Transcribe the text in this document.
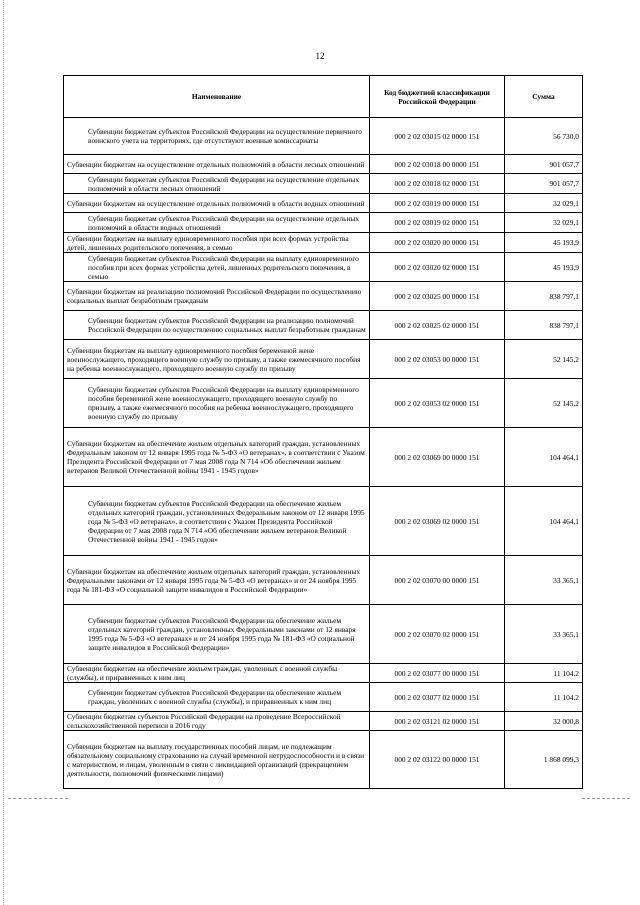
12
Наименование	Код бюджетной классификации Российской Федерации	Сумма
Субвенции бюджетам субъектов Российской Федерации на осуществление первичного воинского учета на территориях, где отсутствуют военные комиссариаты	000 2 02 03015 02 0000 151	56 730,0
Субвенции бюджетам на осуществление отдельных полномочий в области лесных отношений	000 2 02 03018 00 0000 151	901 057,7
Субвенции бюджетам субъектов Российской Федерации на осуществление отдельных полномочий в области лесных отношений	000 2 02 03018 02 0000 151	901 057,7
Субвенции бюджетам на осуществление отдельных полномочий в области водных отношений	000 2 02 03019 00 0000 151	32 029,1
Субвенции бюджетам субъектов Российской Федерации на осуществление отдельных полномочий в области водных отношений	000 2 02 03019 02 0000 151	32 029,1
Субвенции бюджетам на выплату единовременного пособия при всех формах устройства детей, лишенных родительского попечения, в семью	000 2 02 03020 00 0000 151	45 193,9
Субвенции бюджетам субъектов Российской Федерации на выплату единовременного пособия при всех формах устройства детей, лишенных родительского попечения, в семью	000 2 02 03020 02 0000 151	45 193,9
Субвенции бюджетам на реализацию полномочий Российской Федерации по осуществлению социальных выплат безработным гражданам	000 2 02 03025 00 0000 151	838 797,1
Субвенции бюджетам субъектов Российской Федерации на реализацию полномочий Российской Федерации по осуществлению социальных выплат безработным гражданам	000 2 02 03025 02 0000 151	838 797,1
Субвенции бюджетам на выплату единовременного пособия беременной жене военнослужащего, проходящего военную службу по призыву, а также ежемесячного пособия на ребенка военнослужащего, проходящего военную службу по призыву	000 2 02 03053 00 0000 151	52 145,2
Субвенции бюджетам субъектов Российской Федерации на выплату единовременного пособия беременной жене военнослужащего, проходящего военную службу по призыву, а также ежемесячного пособия на ребенка военнослужащего, проходящего военную службу по призыву	000 2 02 03053 02 0000 151	52 145,2
Субвенции бюджетам на обеспечение жильем отдельных категорий граждан, установленных Федеральным законом от 12 января 1995 года № 5-ФЗ «О ветеранах», в соответствии с Указом Президента Российской Федерации от 7 мая 2008 года N 714 «Об обеспечении жильем ветеранов Великой Отечественной войны 1941 - 1945 годов»	000 2 02 03069 00 0000 151	104 464,1
Субвенции бюджетам субъектов Российской Федерации на обеспечение жильем отдельных категорий граждан, установленных Федеральным законом от 12 января 1995 года № 5-ФЗ «О ветеранах», в соответствии с Указом Президента Российской Федерации от 7 мая 2008 года N 714 «Об обеспечении жильем ветеранов Великой Отечественной войны 1941 - 1945 годов»	000 2 02 03069 02 0000 151	104 464,1
Субвенции бюджетам на обеспечение жильем отдельных категорий граждан, установленных Федеральными законами от 12 января 1995 года № 5-ФЗ «О ветеранах» и от 24 ноября 1995 года № 181-ФЗ «О социальной защите инвалидов в Российской Федерации»	000 2 02 03070 00 0000 151	33 365,1
Субвенции бюджетам субъектов Российской Федерации на обеспечение жильем отдельных категорий граждан, установленных Федеральными законами от 12 января 1995 года № 5-ФЗ «О ветеранах» и от 24 ноября 1995 года № 181-ФЗ «О социальной защите инвалидов в Российской Федерации»	000 2 02 03070 02 0000 151	33 365,1
Субвенции бюджетам на обеспечение жильем граждан, уволенных с военной службы (службы), и приравненных к ним лиц	000 2 02 03077 00 0000 151	11 104,2
Субвенции бюджетам субъектов Российской Федерации на обеспечение жильем граждан, уволенных с военной службы (службы), и приравненных к ним лиц	000 2 02 03077 02 0000 151	11 104,2
Субвенции бюджетам субъектов Российской Федерации на проведение Всероссийской сельскохозяйственной переписи в 2016 году	000 2 02 03121 02 0000 151	32 000,8
Субвенции бюджетам на выплату государственных пособий лицам, не подлежащим обязательному социальному страхованию на случай временной нетрудоспособности и в связи с материнством, и лицам, уволенным в связи с ликвидацией организаций (прекращением деятельности, полномочий физическими лицами)	000 2 02 03122 00 0000 151	1 868 099,3
